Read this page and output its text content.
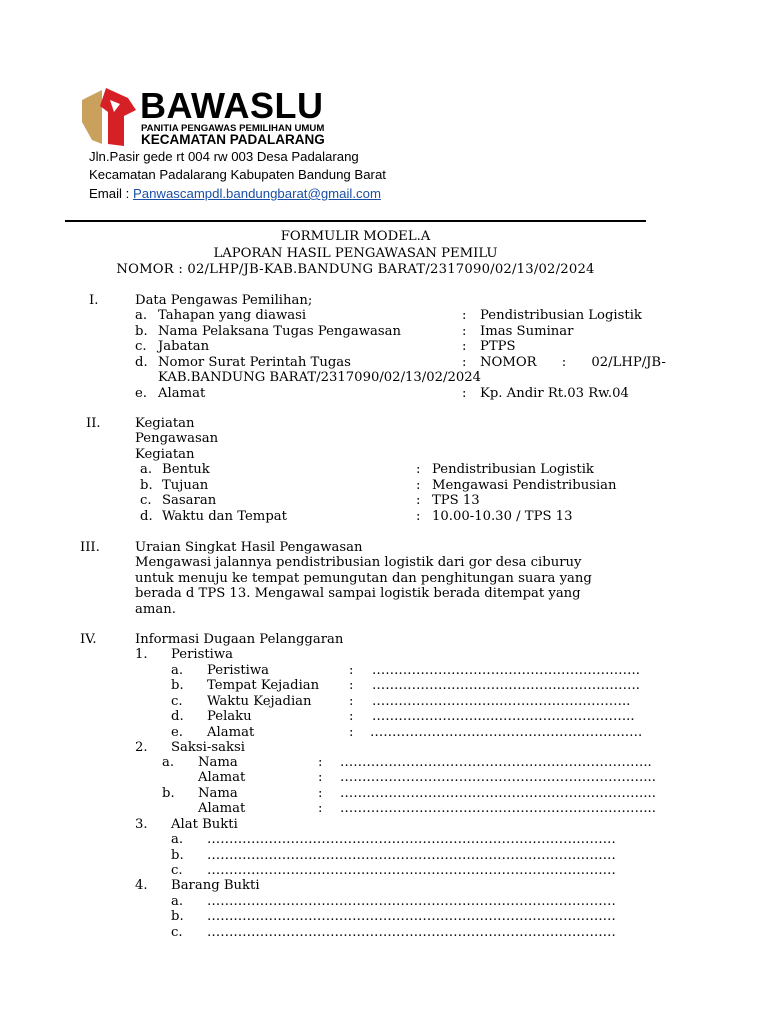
BAWASLU
PANITIA PENGAWAS PEMILIHAN UMUM
KECAMATAN PADALARANG
Jln.Pasir gede rt 004 rw 003 Desa Padalarang
Kecamatan Padalarang Kabupaten Bandung Barat
Email : Panwascampdl.bandungbarat@gmail.com
FORMULIR MODEL.A
LAPORAN HASIL PENGAWASAN PEMILU
NOMOR : 02/LHP/JB-KAB.BANDUNG BARAT/2317090/02/13/02/2024
I.	Data Pengawas Pemilihan;
a. Tahapan yang diawasi	: Pendistribusian Logistik
b. Nama Pelaksana Tugas Pengawasan	: Imas Suminar
c. Jabatan	: PTPS
d. Nomor Surat Perintah Tugas	: NOMOR      :      02/LHP/JB-
KAB.BANDUNG BARAT/2317090/02/13/02/2024
e. Alamat	: Kp. Andir Rt.03 Rw.04
II.	Kegiatan
Pengawasan
Kegiatan
a. Bentuk	: Pendistribusian Logistik
b. Tujuan	: Mengawasi Pendistribusian
c. Sasaran	: TPS 13
d. Waktu dan Tempat	: 10.00-10.30 / TPS 13
III.	Uraian Singkat Hasil Pengawasan
Mengawasi jalannya pendistribusian logistik dari gor desa ciburuy
untuk menuju ke tempat pemungutan dan penghitungan suara yang
berada d TPS 13. Mengawal sampai logistik berada ditempat yang
aman.
IV.	Informasi Dugaan Pelanggaran
1. Peristiwa
a. Peristiwa	: …………………………………………………….
b. Tempat Kejadian : …………………………………………………….
c. Waktu Kejadian	: ………………………...………………………..
d. Pelaku	: ……………………....…………………………..
e. Alamat	: ………………………………………………….….
2. Saksi-saksi
a. Nama	: ……………………………………………………………..
Alamat	: ……………………………………………………………...
b. Nama	: ……………………………………………………………...
Alamat	: ……………………………………………………………...
3. Alat Bukti
a. …………………………………………………………………………………
b. …………………………………………………………………………………
c. …………………………………………………………………………………
4. Barang Bukti
a. …………………………………………………………………………………
b. …………………………………………………………………………………
c. …………………………………………………………………………………
